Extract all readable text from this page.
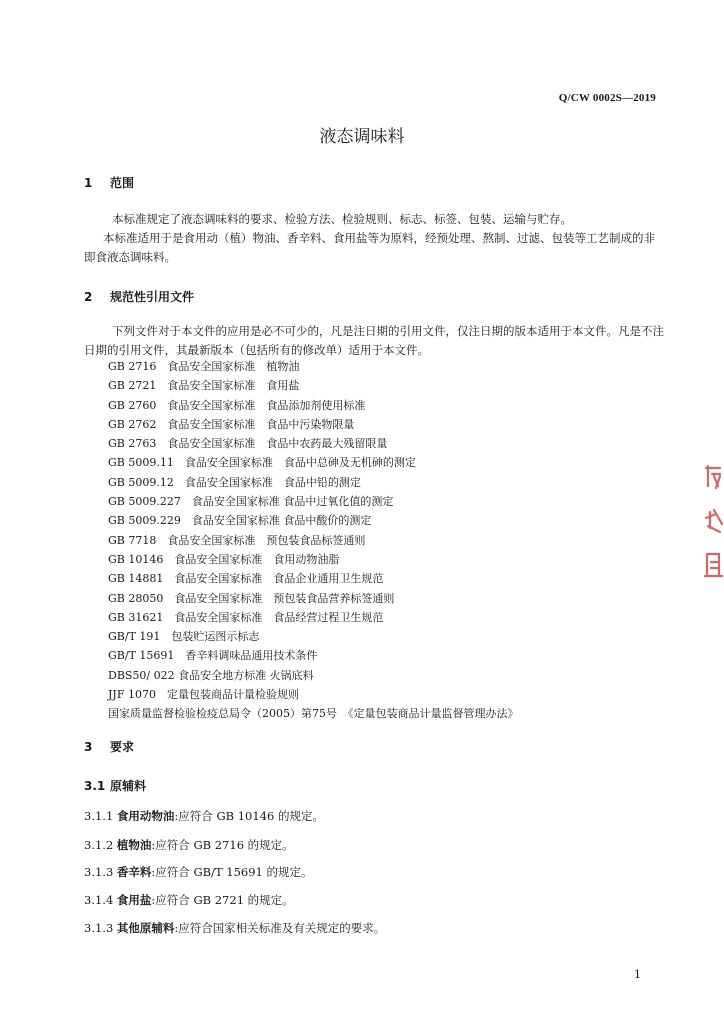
Q/CW 0002S—2019
液态调味料
1 范围
本标准规定了液态调味料的要求、检验方法、检验规则、标志、标签、包装、运输与贮存。
本标准适用于是食用动（植）物油、香辛料、食用盐等为原料，经预处理、熬制、过滤、包装等工艺制成的非即食液态调味料。
2 规范性引用文件
下列文件对于本文件的应用是必不可少的，凡是注日期的引用文件，仅注日期的版本适用于本文件。凡是不注日期的引用文件，其最新版本（包括所有的修改单）适用于本文件。
GB 2716　食品安全国家标准　植物油
GB 2721　食品安全国家标准　食用盐
GB 2760　食品安全国家标准　食品添加剂使用标准
GB 2762　食品安全国家标准　食品中污染物限量
GB 2763　食品安全国家标准　食品中农药最大残留限量
GB 5009.11　食品安全国家标准　食品中总砷及无机砷的测定
GB 5009.12　食品安全国家标准　食品中铅的测定
GB 5009.227　食品安全国家标准 食品中过氧化值的测定
GB 5009.229　食品安全国家标准 食品中酸价的测定
GB 7718　食品安全国家标准　预包装食品标签通则
GB 10146　食品安全国家标准　食用动物油脂
GB 14881　食品安全国家标准　食品企业通用卫生规范
GB 28050　食品安全国家标准　预包装食品营养标签通则
GB 31621　食品安全国家标准　食品经营过程卫生规范
GB/T 191　包装贮运图示标志
GB/T 15691　香辛料调味品通用技术条件
DBS50/ 022 食品安全地方标准 火锅底料
JJF 1070　定量包装商品计量检验规则
国家质量监督检验检疫总局令（2005）第75号　《定量包装商品计量监督管理办法》
3 要求
3.1 原辅料
3.1.1 食用动物油:应符合 GB 10146 的规定。
3.1.2 植物油:应符合 GB 2716 的规定。
3.1.3 香辛料:应符合 GB/T 15691 的规定。
3.1.4 食用盐:应符合 GB 2721 的规定。
3.1.3 其他原辅料:应符合国家相关标准及有关规定的要求。
1
